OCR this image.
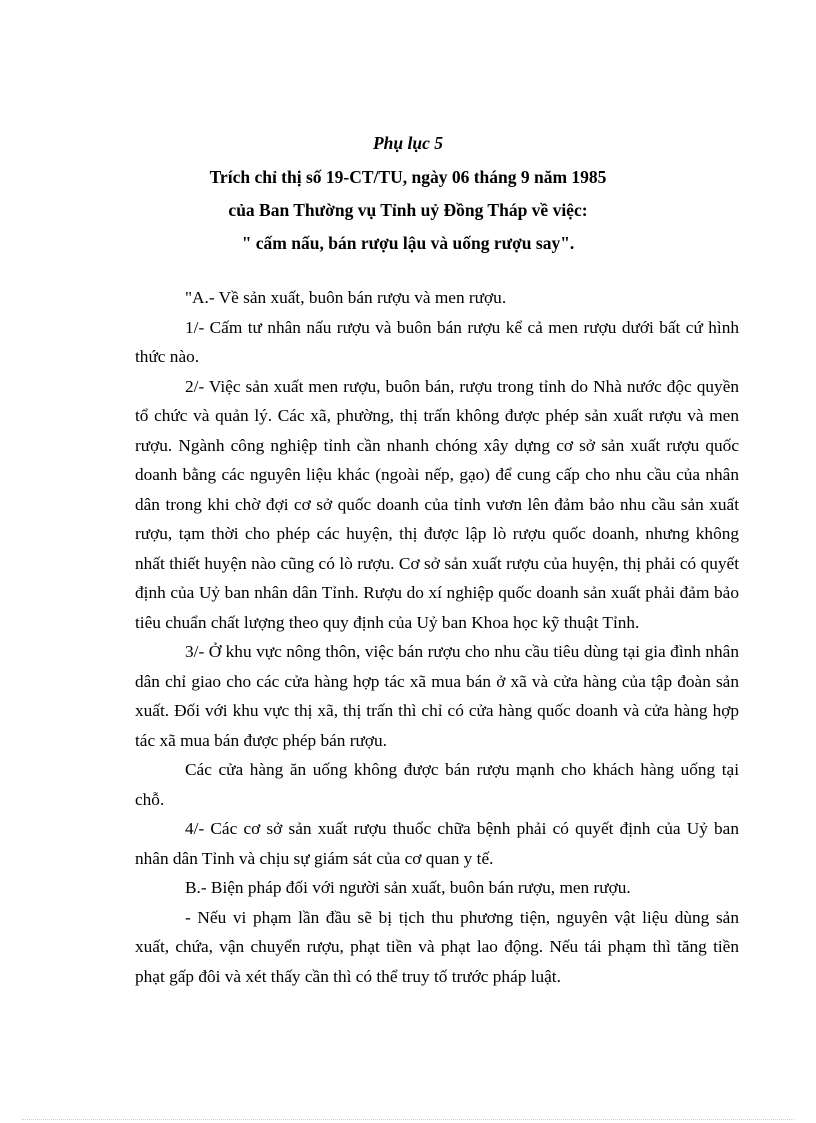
Phụ lục 5
Trích chỉ thị số 19-CT/TU, ngày 06 tháng 9 năm 1985
của Ban Thường vụ Tỉnh uỷ Đồng Tháp về việc:
" cấm nấu, bán rượu lậu và uống rượu say".

"A.- Về sản xuất, buôn bán rượu và men rượu.

1/- Cấm tư nhân nấu rượu và buôn bán rượu kể cả men rượu dưới bất cứ hình thức nào.

2/- Việc sản xuất men rượu, buôn bán, rượu trong tỉnh do Nhà nước độc quyền tổ chức và quản lý. Các xã, phường, thị trấn không được phép sản xuất rượu và men rượu. Ngành công nghiệp tỉnh cần nhanh chóng xây dựng cơ sở sản xuất rượu quốc doanh bằng các nguyên liệu khác (ngoài nếp, gạo) để cung cấp cho nhu cầu của nhân dân trong khi chờ đợi cơ sở quốc doanh của tỉnh vươn lên đảm bảo nhu cầu sản xuất rượu, tạm thời cho phép các huyện, thị được lập lò rượu quốc doanh, nhưng không nhất thiết huyện nào cũng có lò rượu. Cơ sở sản xuất rượu của huyện, thị phải có quyết định của Uỷ ban nhân dân Tỉnh. Rượu do xí nghiệp quốc doanh sản xuất phải đảm bảo tiêu chuẩn chất lượng theo quy định của Uỷ ban Khoa học kỹ thuật Tỉnh.

3/- Ở khu vực nông thôn, việc bán rượu cho nhu cầu tiêu dùng tại gia đình nhân dân chỉ giao cho các cửa hàng hợp tác xã mua bán ở xã và cửa hàng của tập đoàn sản xuất. Đối với khu vực thị xã, thị trấn thì chỉ có cửa hàng quốc doanh và cửa hàng hợp tác xã mua bán được phép bán rượu.

Các cửa hàng ăn uống không được bán rượu mạnh cho khách hàng uống tại chỗ.

4/- Các cơ sở sản xuất rượu thuốc chữa bệnh phải có quyết định của Uỷ ban nhân dân Tỉnh và chịu sự giám sát của cơ quan y tế.

B.- Biện pháp đối với người sản xuất, buôn bán rượu, men rượu.

- Nếu vi phạm lần đầu sẽ bị tịch thu phương tiện, nguyên vật liệu dùng sản xuất, chứa, vận chuyển rượu, phạt tiền và phạt lao động. Nếu tái phạm thì tăng tiền phạt gấp đôi và xét thấy cần thì có thể truy tố trước pháp luật.
